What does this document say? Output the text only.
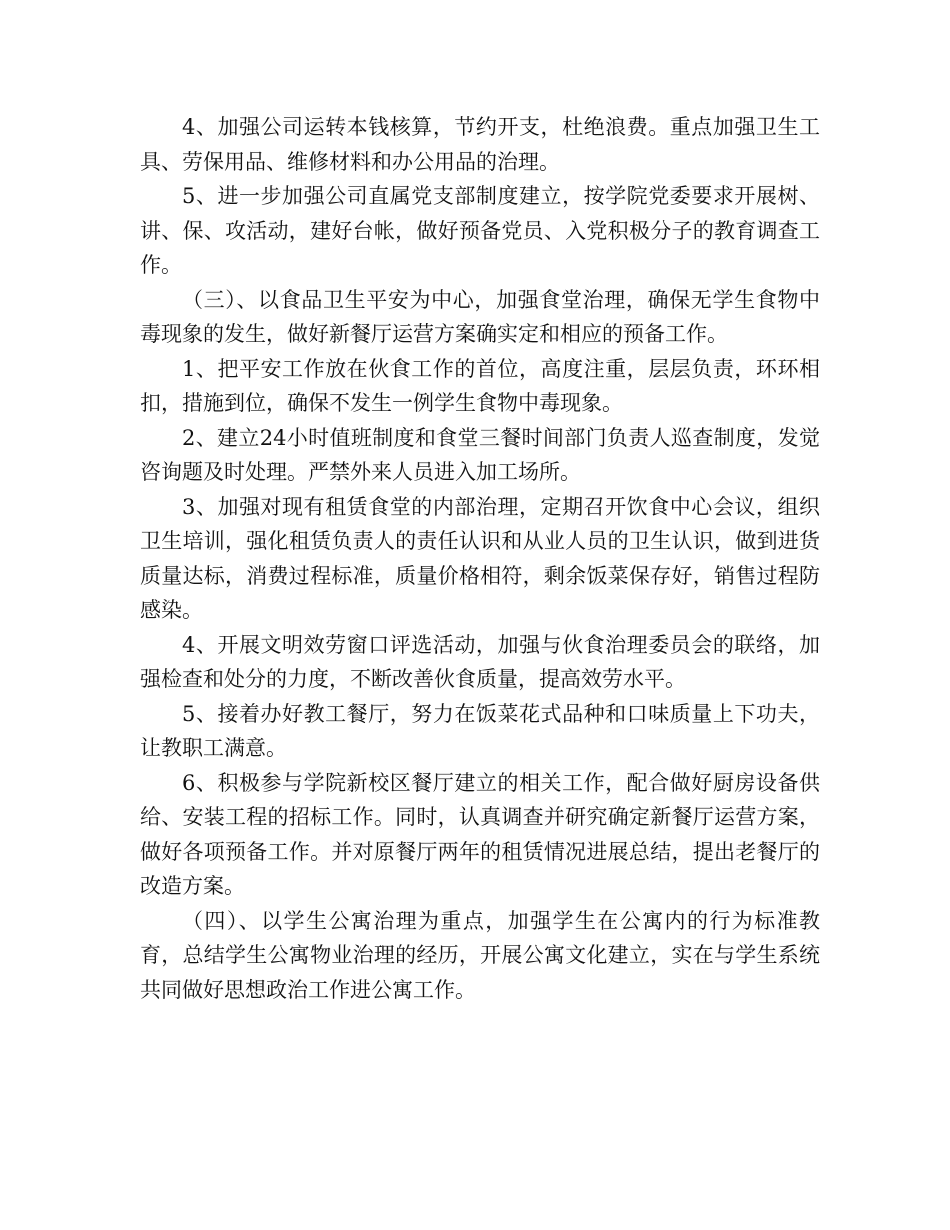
4、加强公司运转本钱核算，节约开支，杜绝浪费。重点加强卫生工具、劳保用品、维修材料和办公用品的治理。

5、进一步加强公司直属党支部制度建立，按学院党委要求开展树、讲、保、攻活动，建好台帐，做好预备党员、入党积极分子的教育调查工作。

（三）、以食品卫生平安为中心，加强食堂治理，确保无学生食物中毒现象的发生，做好新餐厅运营方案确实定和相应的预备工作。

1、把平安工作放在伙食工作的首位，高度注重，层层负责，环环相扣，措施到位，确保不发生一例学生食物中毒现象。

2、建立24小时值班制度和食堂三餐时间部门负责人巡查制度，发觉咨询题及时处理。严禁外来人员进入加工场所。

3、加强对现有租赁食堂的内部治理，定期召开饮食中心会议，组织卫生培训，强化租赁负责人的责任认识和从业人员的卫生认识，做到进货质量达标，消费过程标准，质量价格相符，剩余饭菜保存好，销售过程防感染。

4、开展文明效劳窗口评选活动，加强与伙食治理委员会的联络，加强检查和处分的力度，不断改善伙食质量，提高效劳水平。

5、接着办好教工餐厅，努力在饭菜花式品种和口味质量上下功夫，让教职工满意。

6、积极参与学院新校区餐厅建立的相关工作，配合做好厨房设备供给、安装工程的招标工作。同时，认真调查并研究确定新餐厅运营方案，做好各项预备工作。并对原餐厅两年的租赁情况进展总结，提出老餐厅的改造方案。

（四）、以学生公寓治理为重点，加强学生在公寓内的行为标准教育，总结学生公寓物业治理的经历，开展公寓文化建立，实在与学生系统共同做好思想政治工作进公寓工作。
